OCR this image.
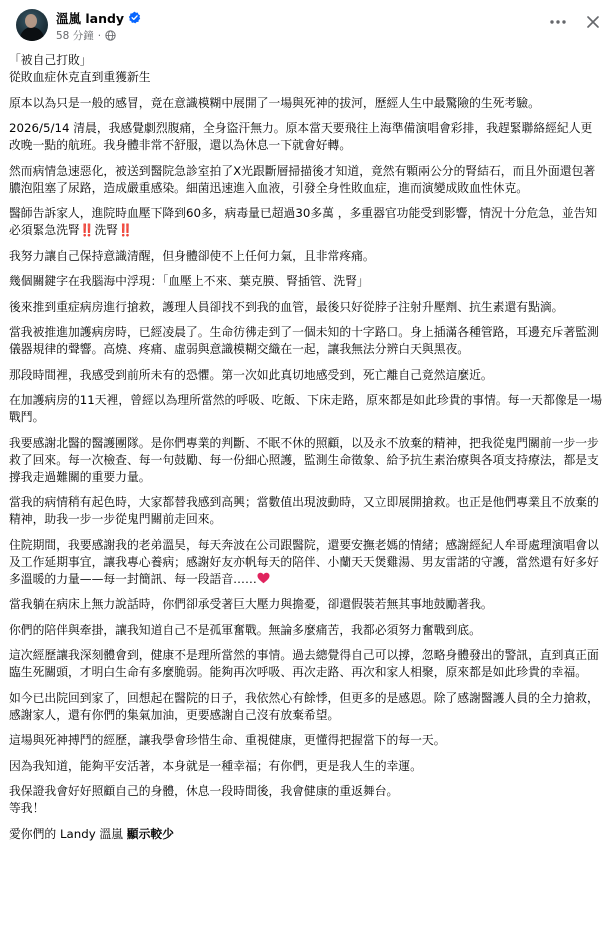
溫嵐 landy
58 分鐘 ·

「被自己打敗」
從敗血症休克直到重獲新生

原本以為只是一般的感冒，竟在意識模糊中展開了一場與死神的拔河，歷經人生中最驚險的生死考驗。

2026/5/14 清晨，我感覺劇烈腹痛，全身盜汗無力。原本當天要飛往上海準備演唱會彩排，我趕緊聯絡經紀人更改晚一點的航班。我身體非常不舒服，還以為休息一下就會好轉。

然而病情急速惡化，被送到醫院急診室拍了X光跟斷層掃描後才知道，竟然有顆兩公分的腎結石，而且外面還包著膿泡阻塞了尿路，造成嚴重感染。細菌迅速進入血液，引發全身性敗血症，進而演變成敗血性休克。

醫師告訴家人，進院時血壓下降到60多，病毒量已超過30多萬 ，多重器官功能受到影響，情況十分危急，並告知必須緊急洗腎‼️洗腎‼️

我努力讓自己保持意識清醒，但身體卻使不上任何力氣，且非常疼痛。

幾個關鍵字在我腦海中浮現：「血壓上不來、葉克膜、腎插管、洗腎」

後來推到重症病房進行搶救，護理人員卻找不到我的血管，最後只好從脖子注射升壓劑、抗生素還有點滴。

當我被推進加護病房時，已經凌晨了。生命彷彿走到了一個未知的十字路口。身上插滿各種管路，耳邊充斥著監測儀器規律的聲響。高燒、疼痛、虛弱與意識模糊交織在一起，讓我無法分辨白天與黑夜。

那段時間裡，我感受到前所未有的恐懼。第一次如此真切地感受到，死亡離自己竟然這麼近。

在加護病房的11天裡，曾經以為理所當然的呼吸、吃飯、下床走路，原來都是如此珍貴的事情。每一天都像是一場戰鬥。

我要感謝北醫的醫護團隊。是你們專業的判斷、不眠不休的照顧，以及永不放棄的精神，把我從鬼門關前一步一步救了回來。每一次檢查、每一句鼓勵、每一份細心照護，監測生命徵象、給予抗生素治療與各項支持療法，都是支撐我走過難關的重要力量。

當我的病情稍有起色時，大家都替我感到高興；當數值出現波動時，又立即展開搶救。也正是他們專業且不放棄的精神，助我一步一步從鬼門關前走回來。

住院期間，我要感謝我的老弟溫昊，每天奔波在公司跟醫院，還要安撫老媽的情緒；感謝經紀人牟哥處理演唱會以及工作延期事宜，讓我專心養病；感謝好友亦帆每天的陪伴、小蘭天天煲雞湯、男友雷諾的守護，當然還有好多好多溫暖的力量——每一封簡訊、每一段語音……

當我躺在病床上無力說話時，你們卻承受著巨大壓力與擔憂，卻還假裝若無其事地鼓勵著我。

你們的陪伴與牽掛，讓我知道自己不是孤軍奮戰。無論多麼痛苦，我都必須努力奮戰到底。

這次經歷讓我深刻體會到，健康不是理所當然的事情。過去總覺得自己可以撐，忽略身體發出的警訊，直到真正面臨生死關頭，才明白生命有多麼脆弱。能夠再次呼吸、再次走路、再次和家人相聚，原來都是如此珍貴的幸福。

如今已出院回到家了，回想起在醫院的日子，我依然心有餘悸，但更多的是感恩。除了感謝醫護人員的全力搶救，感謝家人，還有你們的集氣加油，更要感謝自己沒有放棄希望。

這場與死神搏鬥的經歷，讓我學會珍惜生命、重視健康，更懂得把握當下的每一天。

因為我知道，能夠平安活著，本身就是一種幸福；有你們，更是我人生的幸運。

我保證我會好好照顧自己的身體，休息一段時間後，我會健康的重返舞台。
等我！

愛你們的 Landy 溫嵐 顯示較少
